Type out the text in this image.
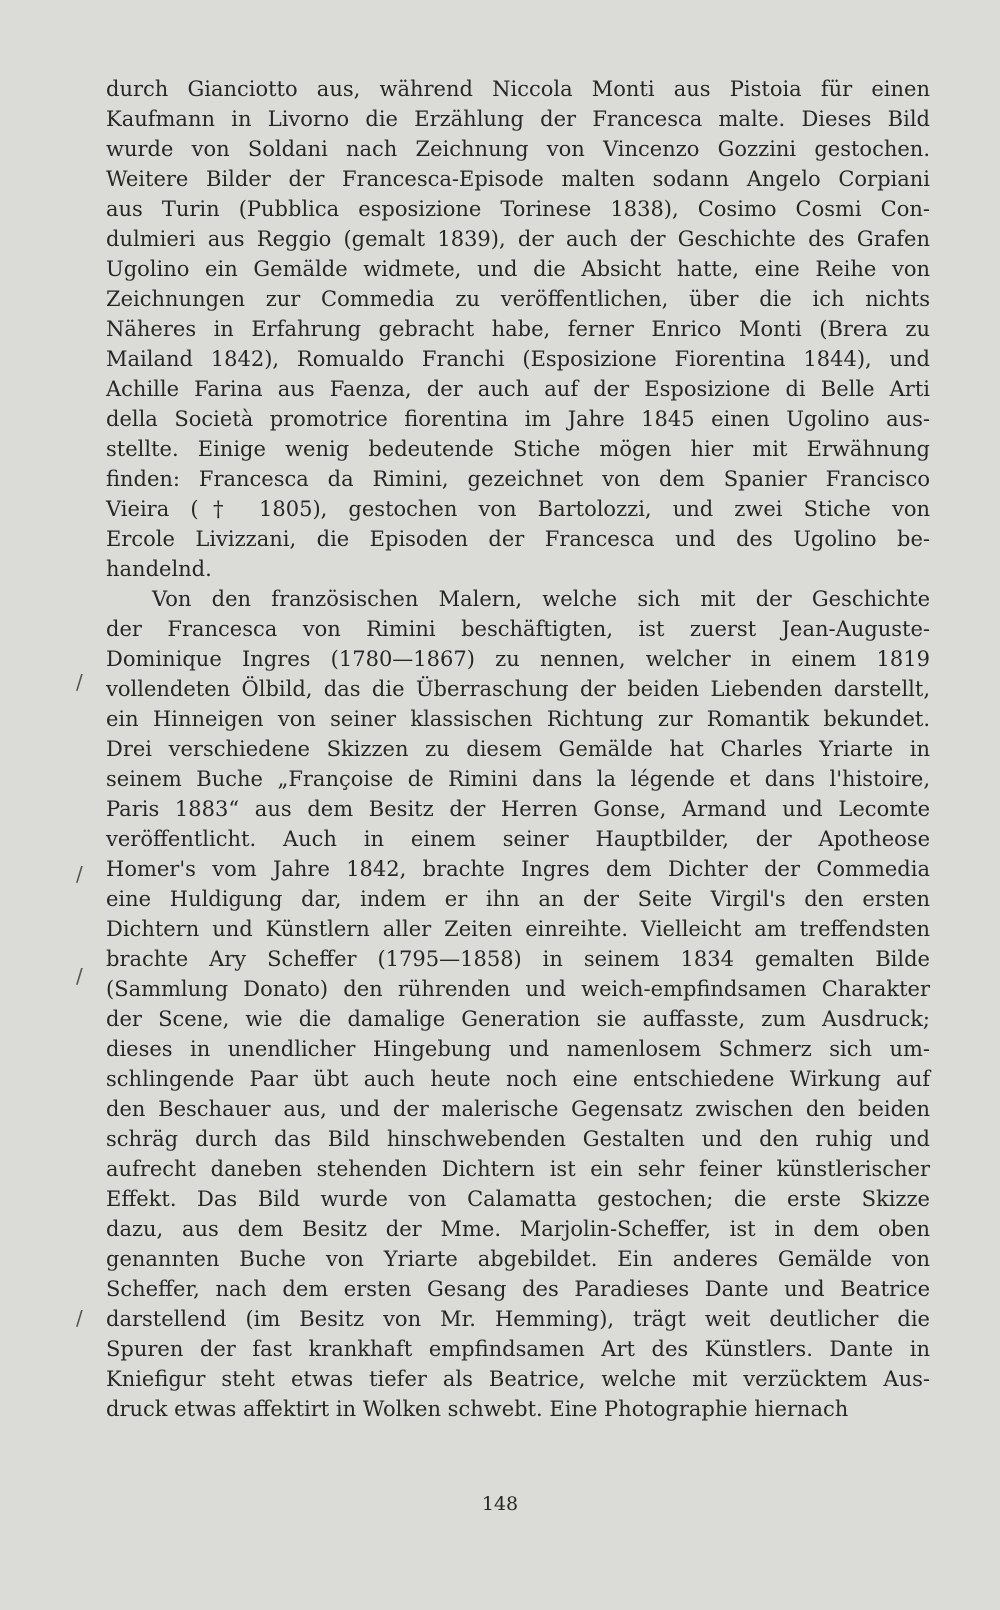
durch Gianciotto aus, während Niccola Monti aus Pistoia für einen
Kaufmann in Livorno die Erzählung der Francesca malte. Dieses Bild
wurde von Soldani nach Zeichnung von Vincenzo Gozzini gestochen.
Weitere Bilder der Francesca-Episode malten sodann Angelo Corpiani
aus Turin (Pubblica esposizione Torinese 1838), Cosimo Cosmi Con-
dulmieri aus Reggio (gemalt 1839), der auch der Geschichte des Grafen
Ugolino ein Gemälde widmete, und die Absicht hatte, eine Reihe von
Zeichnungen zur Commedia zu veröffentlichen, über die ich nichts
Näheres in Erfahrung gebracht habe, ferner Enrico Monti (Brera zu
Mailand 1842), Romualdo Franchi (Esposizione Fiorentina 1844), und
Achille Farina aus Faenza, der auch auf der Esposizione di Belle Arti
della Società promotrice fiorentina im Jahre 1845 einen Ugolino aus-
stellte. Einige wenig bedeutende Stiche mögen hier mit Erwähnung
finden: Francesca da Rimini, gezeichnet von dem Spanier Francisco
Vieira († 1805), gestochen von Bartolozzi, und zwei Stiche von
Ercole Livizzani, die Episoden der Francesca und des Ugolino be-
handelnd.
Von den französischen Malern, welche sich mit der Geschichte
der Francesca von Rimini beschäftigten, ist zuerst Jean-Auguste-
Dominique Ingres (1780—1867) zu nennen, welcher in einem 1819
vollendeten Ölbild, das die Überraschung der beiden Liebenden darstellt,
ein Hinneigen von seiner klassischen Richtung zur Romantik bekundet.
Drei verschiedene Skizzen zu diesem Gemälde hat Charles Yriarte in
seinem Buche „Françoise de Rimini dans la légende et dans l'histoire,
Paris 1883“ aus dem Besitz der Herren Gonse, Armand und Lecomte
veröffentlicht. Auch in einem seiner Hauptbilder, der Apotheose
Homer's vom Jahre 1842, brachte Ingres dem Dichter der Commedia
eine Huldigung dar, indem er ihn an der Seite Virgil's den ersten
Dichtern und Künstlern aller Zeiten einreihte. Vielleicht am treffendsten
brachte Ary Scheffer (1795—1858) in seinem 1834 gemalten Bilde
(Sammlung Donato) den rührenden und weich-empfindsamen Charakter
der Scene, wie die damalige Generation sie auffasste, zum Ausdruck;
dieses in unendlicher Hingebung und namenlosem Schmerz sich um-
schlingende Paar übt auch heute noch eine entschiedene Wirkung auf
den Beschauer aus, und der malerische Gegensatz zwischen den beiden
schräg durch das Bild hinschwebenden Gestalten und den ruhig und
aufrecht daneben stehenden Dichtern ist ein sehr feiner künstlerischer
Effekt. Das Bild wurde von Calamatta gestochen; die erste Skizze
dazu, aus dem Besitz der Mme. Marjolin-Scheffer, ist in dem oben
genannten Buche von Yriarte abgebildet. Ein anderes Gemälde von
Scheffer, nach dem ersten Gesang des Paradieses Dante und Beatrice
darstellend (im Besitz von Mr. Hemming), trägt weit deutlicher die
Spuren der fast krankhaft empfindsamen Art des Künstlers. Dante in
Kniefigur steht etwas tiefer als Beatrice, welche mit verzücktem Aus-
druck etwas affektirt in Wolken schwebt. Eine Photographie hiernach
/
/
/
/
148
